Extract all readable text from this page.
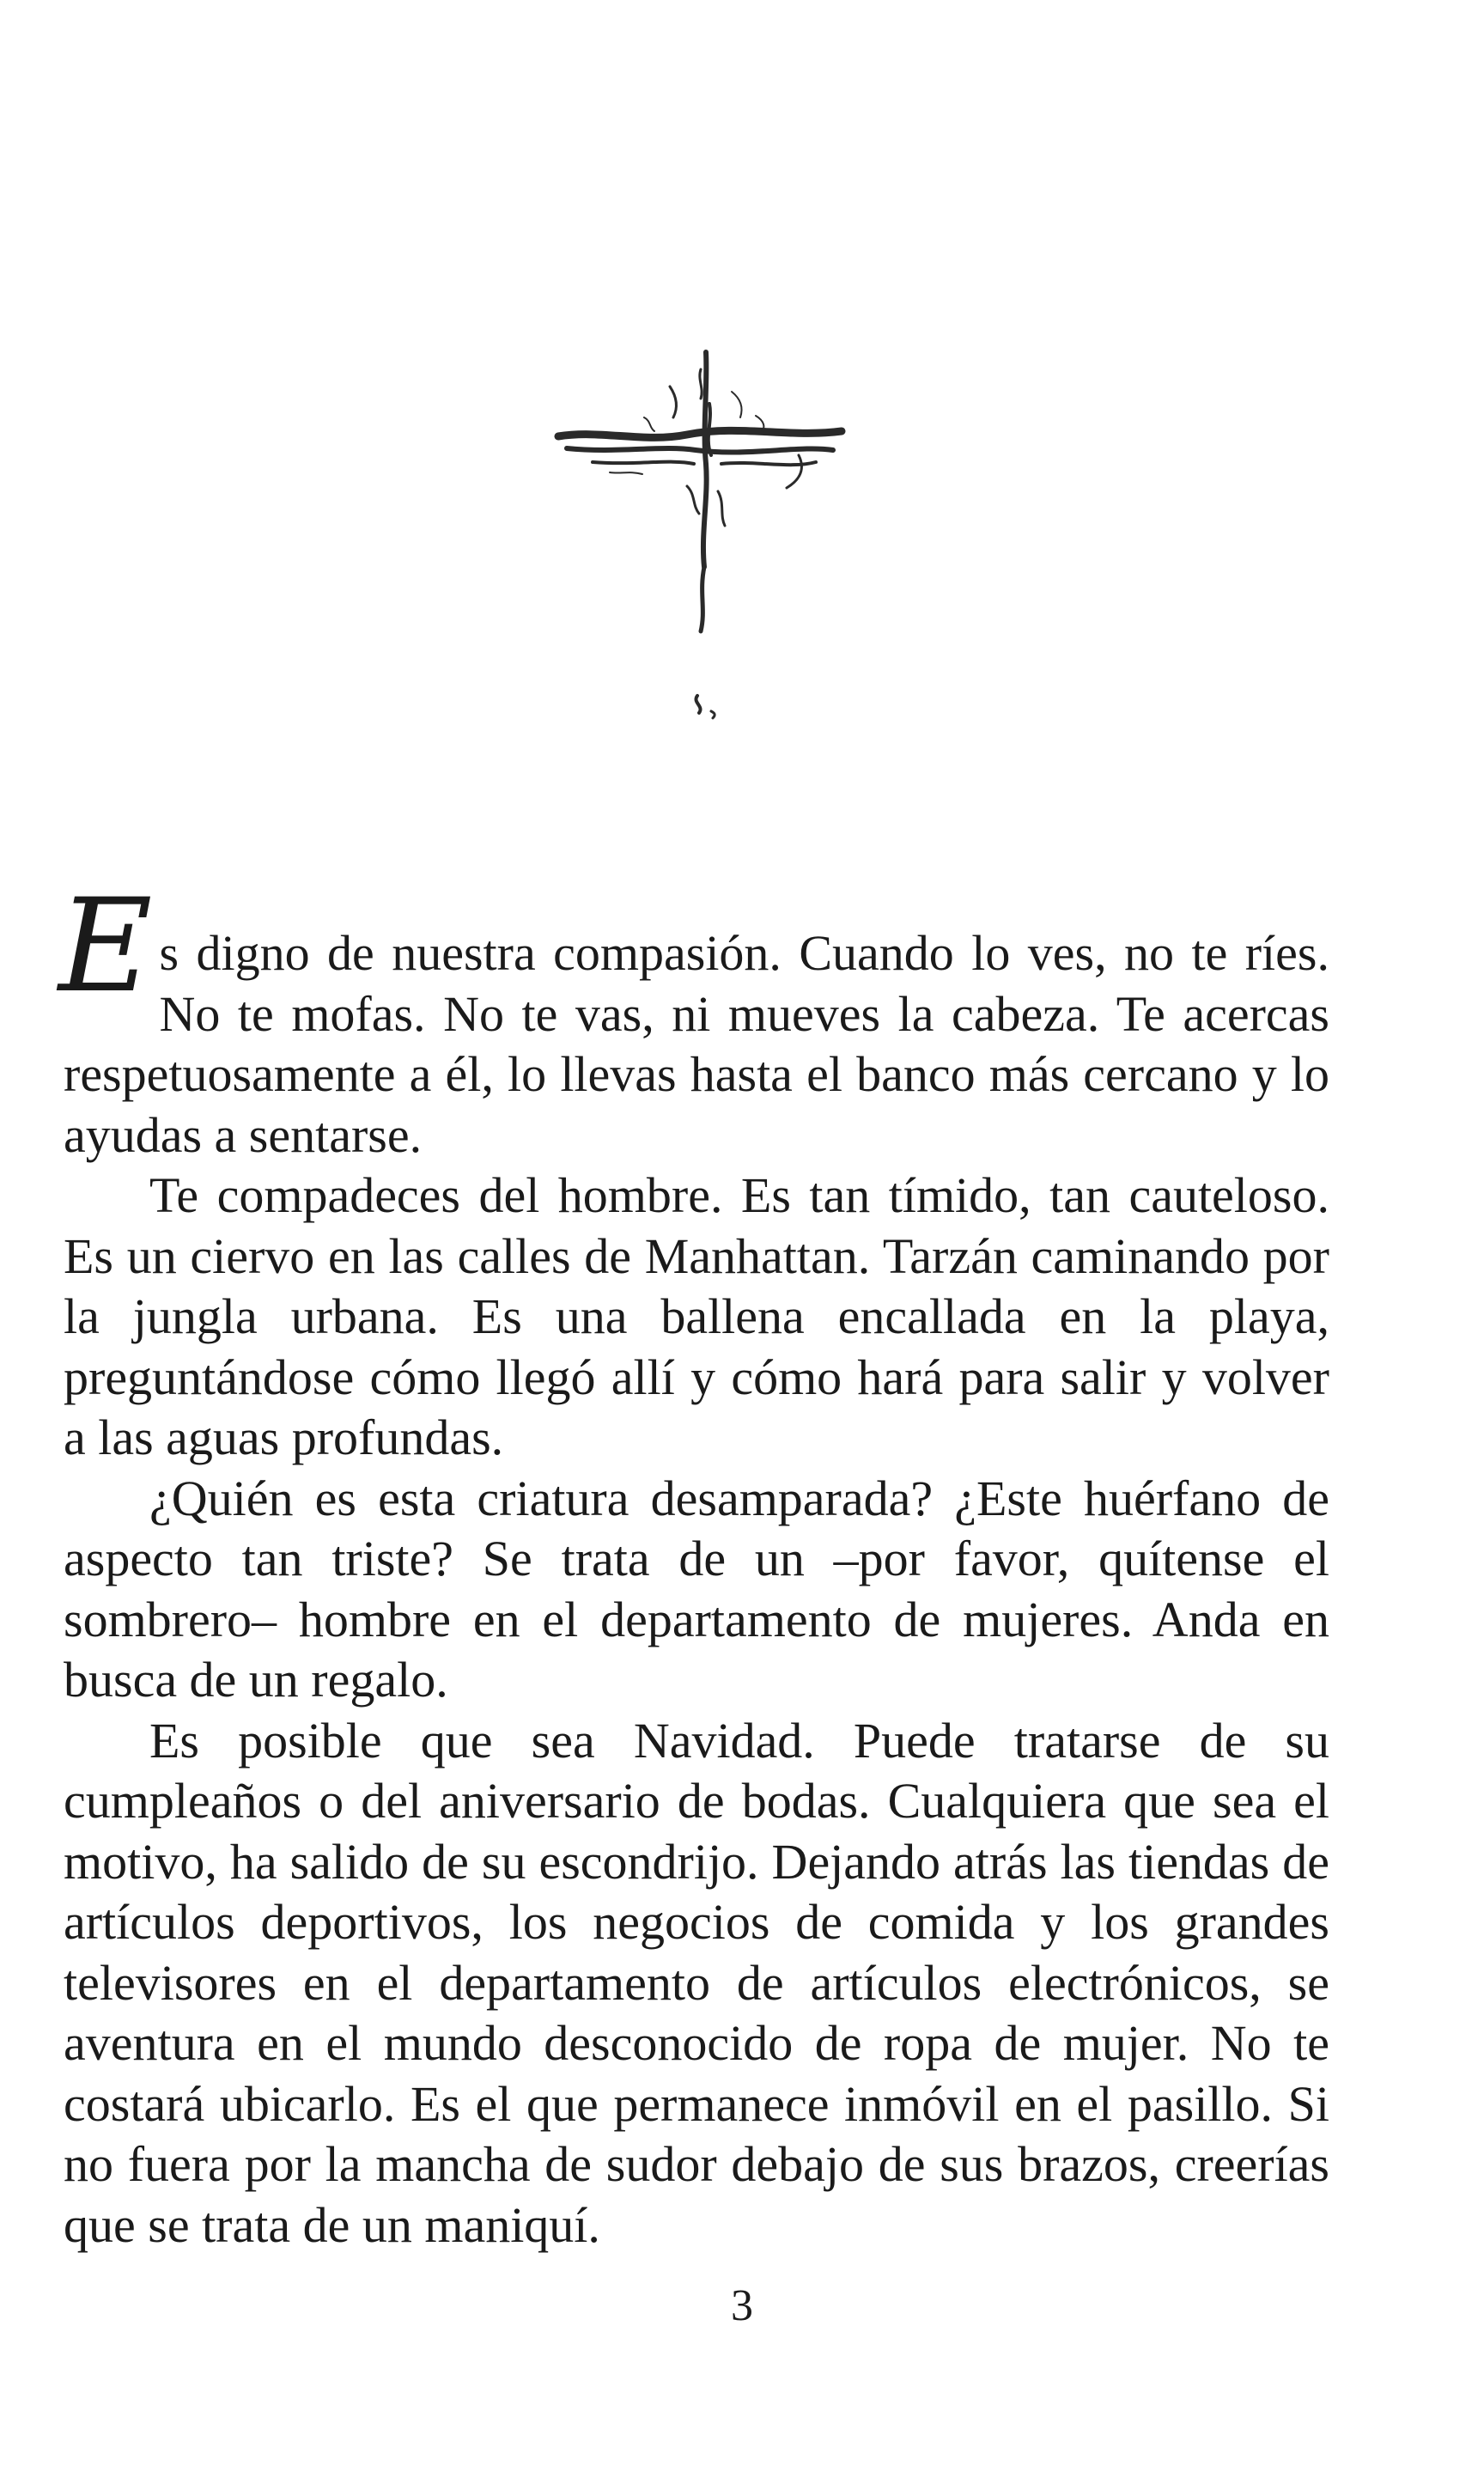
Es digno de nuestra compasión. Cuando lo ves, no te ríes. No te mofas. No te vas, ni mueves la cabeza. Te acercas respetuosamente a él, lo llevas hasta el banco más cercano y lo ayudas a sentarse.

Te compadeces del hombre. Es tan tímido, tan cauteloso. Es un ciervo en las calles de Manhattan. Tarzán caminando por la jungla urbana. Es una ballena encallada en la playa, preguntándose cómo llegó allí y cómo hará para salir y volver a las aguas profundas.

¿Quién es esta criatura desamparada? ¿Este huérfano de aspecto tan triste? Se trata de un –por favor, quítense el sombrero– hombre en el departamento de mujeres. Anda en busca de un regalo.

Es posible que sea Navidad. Puede tratarse de su cumpleaños o del aniversario de bodas. Cualquiera que sea el motivo, ha salido de su escondrijo. Dejando atrás las tiendas de artículos deportivos, los negocios de comida y los grandes televisores en el departamento de artículos electrónicos, se aventura en el mundo desconocido de ropa de mujer. No te costará ubicarlo. Es el que permanece inmóvil en el pasillo. Si no fuera por la mancha de sudor debajo de sus brazos, creerías que se trata de un maniquí.

3
